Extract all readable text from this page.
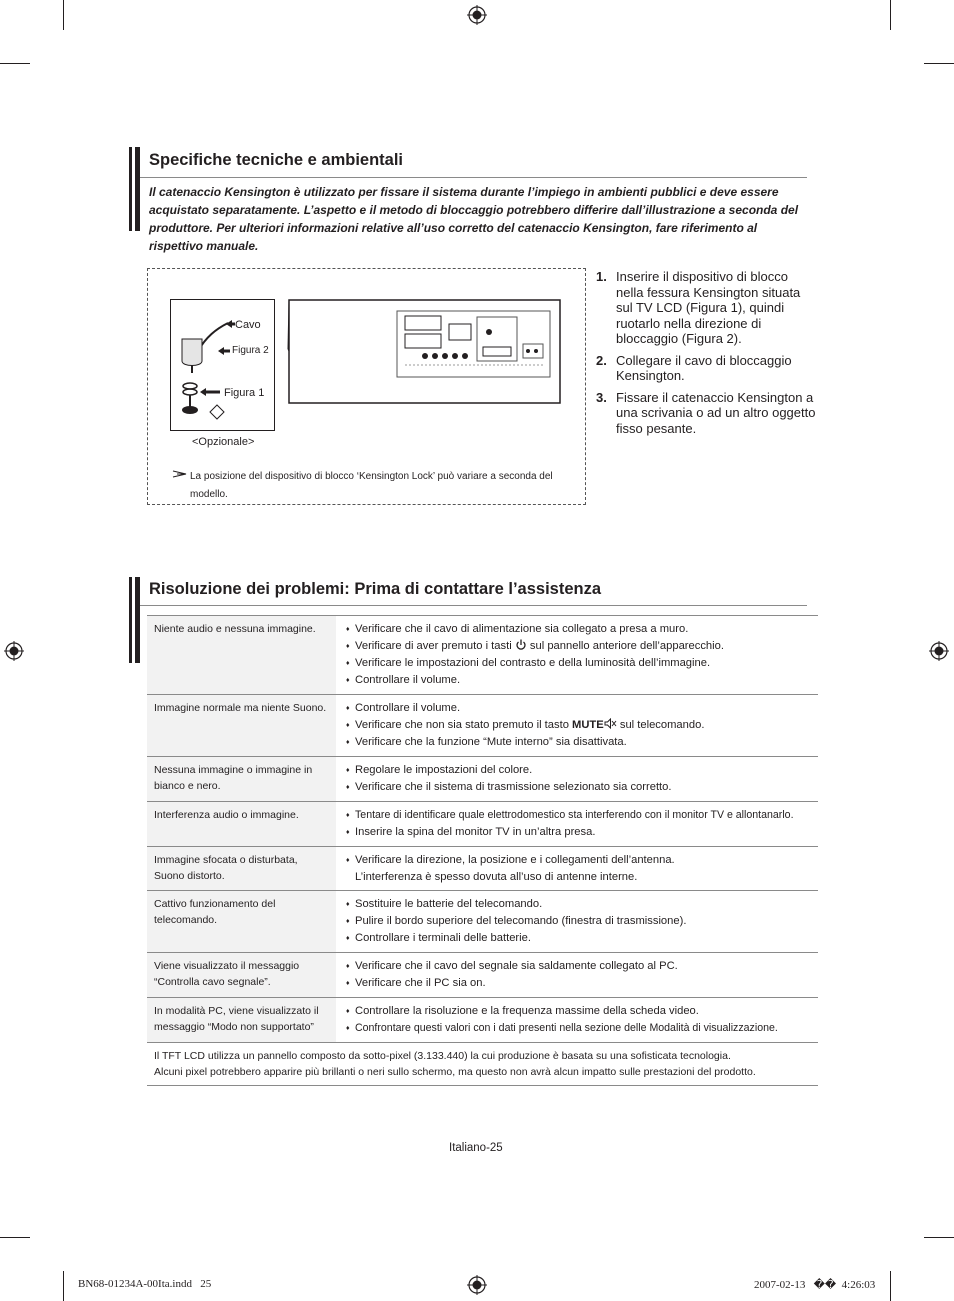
Specifiche tecniche e ambientali
Il catenaccio Kensington è utilizzato per fissare il sistema durante l’impiego in ambienti pubblici e deve essere acquistato separatamente. L’aspetto e il metodo di bloccaggio potrebbero differire dall’illustrazione a seconda del produttore. Per ulteriori informazioni relative all’uso corretto del catenaccio Kensington, fare riferimento al rispettivo manuale.
Cavo
Figura 2
Figura 1
<Opzionale>
La posizione del dispositivo di blocco ‘Kensington Lock’ può variare a seconda del modello.
1. Inserire il dispositivo di blocco nella fessura Kensington situata sul TV LCD (Figura 1), quindi ruotarlo nella direzione di bloccaggio (Figura 2).
2. Collegare il cavo di bloccaggio Kensington.
3. Fissare il catenaccio Kensington a una scrivania o ad un altro oggetto fisso pesante.
Risoluzione dei problemi: Prima di contattare l’assistenza
Niente audio e nessuna immagine.	♦ Verificare che il cavo di alimentazione sia collegato a presa a muro.
♦ Verificare di aver premuto i tasti sul pannello anteriore dell’apparecchio.
♦ Verificare le impostazioni del contrasto e della luminosità dell’immagine.
♦ Controllare il volume.

Immagine normale ma niente Suono.	♦ Controllare il volume.
♦ Verificare che non sia stato premuto il tasto MUTE sul telecomando.
♦ Verificare che la funzione “Mute interno” sia disattivata.

Nessuna immagine o immagine in bianco e nero.	♦ Regolare le impostazioni del colore.
♦ Verificare che il sistema di trasmissione selezionato sia corretto.

Interferenza audio o immagine.	♦ Tentare di identificare quale elettrodomestico sta interferendo con il monitor TV e allontanarlo.
♦ Inserire la spina del monitor TV in un’altra presa.

Immagine sfocata o disturbata, Suono distorto.	♦ Verificare la direzione, la posizione e i collegamenti dell’antenna.
L’interferenza è spesso dovuta all’uso di antenne interne.

Cattivo funzionamento del telecomando.	♦ Sostituire le batterie del telecomando.
♦ Pulire il bordo superiore del telecomando (finestra di trasmissione).
♦ Controllare i terminali delle batterie.

Viene visualizzato il messaggio “Controlla cavo segnale”.	♦ Verificare che il cavo del segnale sia saldamente collegato al PC.
♦ Verificare che il PC sia on.

In modalità PC, viene visualizzato il messaggio “Modo non supportato”	♦ Controllare la risoluzione e la frequenza massime della scheda video.
♦ Confrontare questi valori con i dati presenti nella sezione delle Modalità di visualizzazione.

Il TFT LCD utilizza un pannello composto da sotto-pixel (3.133.440) la cui produzione è basata su una sofisticata tecnologia.
Alcuni pixel potrebbero apparire più brillanti o neri sullo schermo, ma questo non avrà alcun impatto sulle prestazioni del prodotto.	
Italiano-25
BN68-01234A-00Ita.indd   25	2007-02-13   ��  4:26:03
